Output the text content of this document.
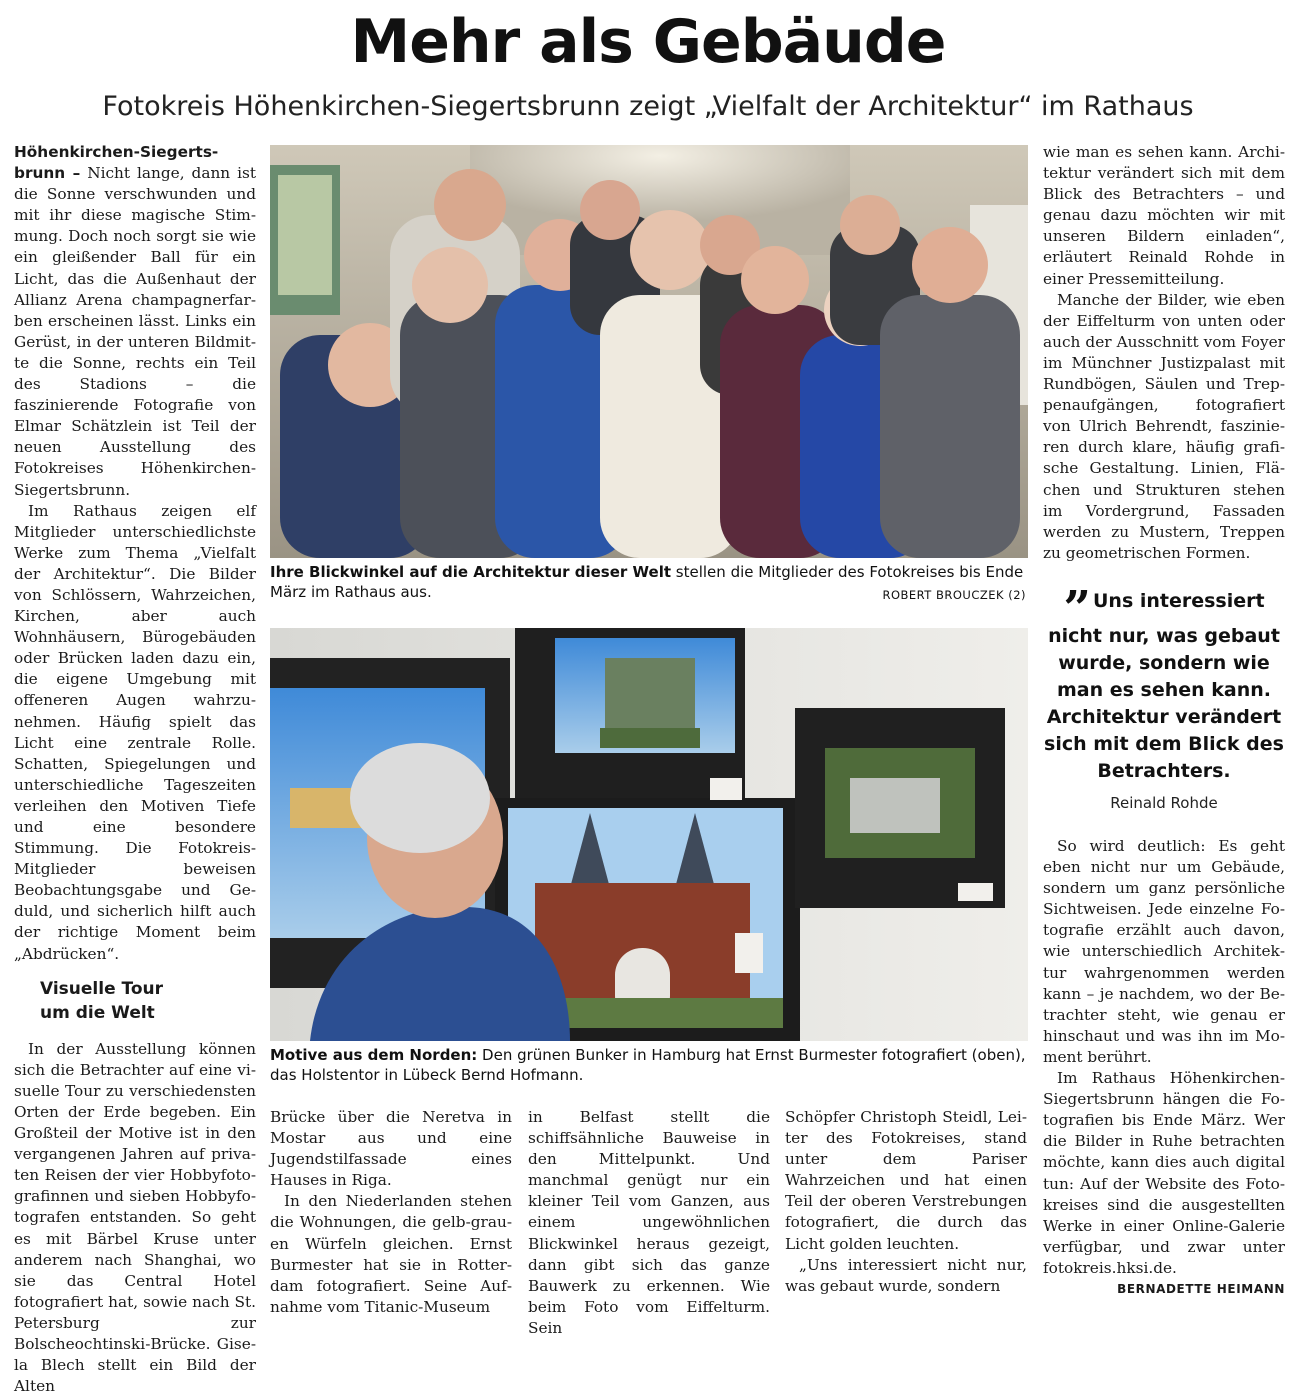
Mehr als Gebäude
Fotokreis Höhenkirchen-Siegertsbrunn zeigt „Vielfalt der Architektur“ im Rathaus

Höhenkirchen-Siegertsbrunn – Nicht lange, dann ist die Sonne verschwunden und mit ihr diese magische Stimmung. Doch noch sorgt sie wie ein gleißender Ball für ein Licht, das die Außenhaut der Allianz Arena champagnerfarben erscheinen lässt. Links ein Gerüst, in der unteren Bildmitte die Sonne, rechts ein Teil des Stadions – die faszinierende Fotografie von Elmar Schätzlein ist Teil der neuen Ausstellung des Fotokreises Höhenkirchen-Siegertsbrunn.

Im Rathaus zeigen elf Mitglieder unterschiedlichste Werke zum Thema „Vielfalt der Architektur“. Die Bilder von Schlössern, Wahrzeichen, Kirchen, aber auch Wohnhäusern, Bürogebäuden oder Brücken laden dazu ein, die eigene Umgebung mit offeneren Augen wahrzunehmen. Häufig spielt das Licht eine zentrale Rolle. Schatten, Spiegelungen und unterschiedliche Tageszeiten verleihen den Motiven Tiefe und eine besondere Stimmung. Die Fotokreis-Mitglieder beweisen Beobachtungsgabe und Geduld, und sicherlich hilft auch der richtige Moment beim „Abdrücken“.

Visuelle Tour
um die Welt

In der Ausstellung können sich die Betrachter auf eine visuelle Tour zu verschiedensten Orten der Erde begeben. Ein Großteil der Motive ist in den vergangenen Jahren auf privaten Reisen der vier Hobbyfotografinnen und sieben Hobbyfotografen entstanden. So geht es mit Bärbel Kruse unter anderem nach Shanghai, wo sie das Central Hotel fotografiert hat, sowie nach St. Petersburg zur Bolschеochtinski-Brücke. Gisela Blech stellt ein Bild der Alten

Ihre Blickwinkel auf die Architektur dieser Welt stellen die Mitglieder des Fotokreises bis Ende März im Rathaus aus.	ROBERT BROUCZEK (2)
Motive aus dem Norden: Den grünen Bunker in Hamburg hat Ernst Burmester fotografiert (oben), das Holstentor in Lübeck Bernd Hofmann.

Brücke über die Neretva in Mostar aus und eine Jugendstilfassade eines Hauses in Riga.

In den Niederlanden stehen die Wohnungen, die gelb-grauen Würfeln gleichen. Ernst Burmester hat sie in Rotterdam fotografiert. Seine Aufnahme vom Titanic-Museum

in Belfast stellt die schiffsähnliche Bauweise in den Mittelpunkt. Und manchmal genügt nur ein kleiner Teil vom Ganzen, aus einem ungewöhnlichen Blickwinkel heraus gezeigt, dann gibt sich das ganze Bauwerk zu erkennen. Wie beim Foto vom Eiffelturm. Sein

Schöpfer Christoph Steidl, Leiter des Fotokreises, stand unter dem Pariser Wahrzeichen und hat einen Teil der oberen Verstrebungen fotografiert, die durch das Licht golden leuchten.

„Uns interessiert nicht nur, was gebaut wurde, sondern

wie man es sehen kann. Architektur verändert sich mit dem Blick des Betrachters – und genau dazu möchten wir mit unseren Bildern einladen“, erläutert Reinald Rohde in einer Pressemitteilung.

Manche der Bilder, wie eben der Eiffelturm von unten oder auch der Ausschnitt vom Foyer im Münchner Justizpalast mit Rundbögen, Säulen und Treppenaufgängen, fotografiert von Ulrich Behrendt, faszinieren durch klare, häufig grafische Gestaltung. Linien, Flächen und Strukturen stehen im Vordergrund, Fassaden werden zu Mustern, Treppen zu geometrischen Formen.

” Uns interessiert nicht nur, was gebaut wurde, sondern wie man es sehen kann. Architektur verändert sich mit dem Blick des Betrachters.
Reinald Rohde

So wird deutlich: Es geht eben nicht nur um Gebäude, sondern um ganz persönliche Sichtweisen. Jede einzelne Fotografie erzählt auch davon, wie unterschiedlich Architektur wahrgenommen werden kann – je nachdem, wo der Betrachter steht, wie genau er hinschaut und was ihn im Moment berührt.

Im Rathaus Höhenkirchen-Siegertsbrunn hängen die Fotografien bis Ende März. Wer die Bilder in Ruhe betrachten möchte, kann dies auch digital tun: Auf der Website des Fotokreises sind die ausgestellten Werke in einer Online-Galerie verfügbar, und zwar unter fotokreis.hksi.de.

BERNADETTE HEIMANN
